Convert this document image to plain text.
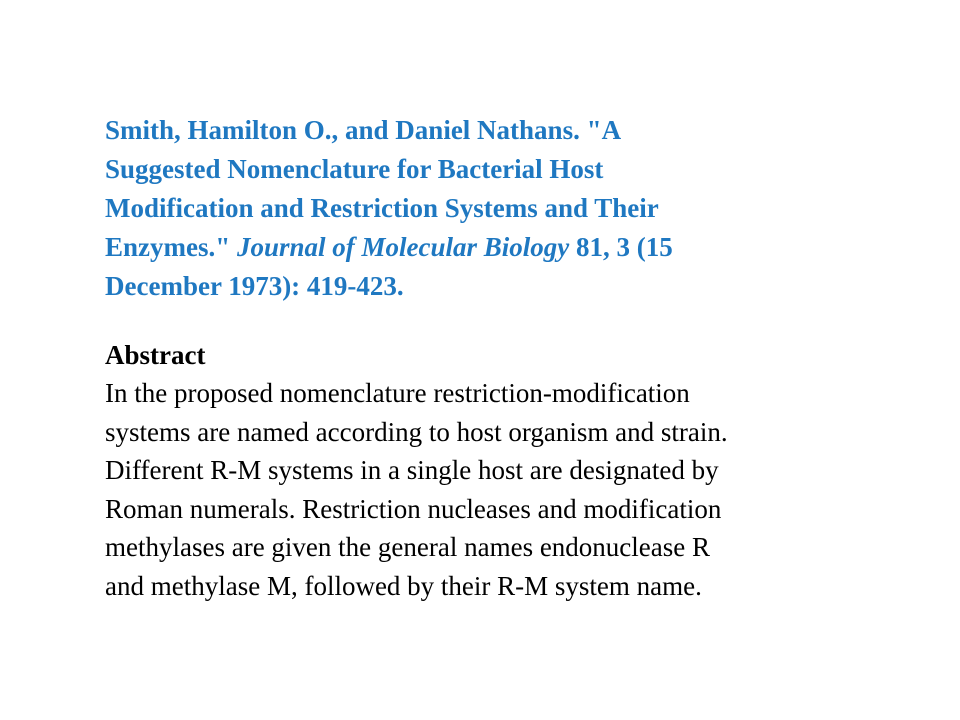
Smith, Hamilton O., and Daniel Nathans. "A
Suggested Nomenclature for Bacterial Host
Modification and Restriction Systems and Their
Enzymes." Journal of Molecular Biology 81, 3 (15
December 1973): 419-423.

Abstract

In the proposed nomenclature restriction-modification
systems are named according to host organism and strain.
Different R-M systems in a single host are designated by
Roman numerals. Restriction nucleases and modification
methylases are given the general names endonuclease R
and methylase M, followed by their R-M system name.
